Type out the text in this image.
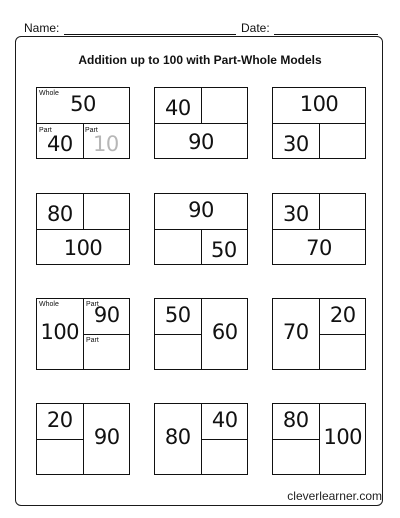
Name:	Date:
Addition up to 100 with Part-Whole Models
50
40 10
Whole
Part	Part	90
40	100
30
100
80	90
50	70
30
100
90
Whole	Part
Part	60
50
70
20
90
20
80
40
100
80
cleverlearner.com
